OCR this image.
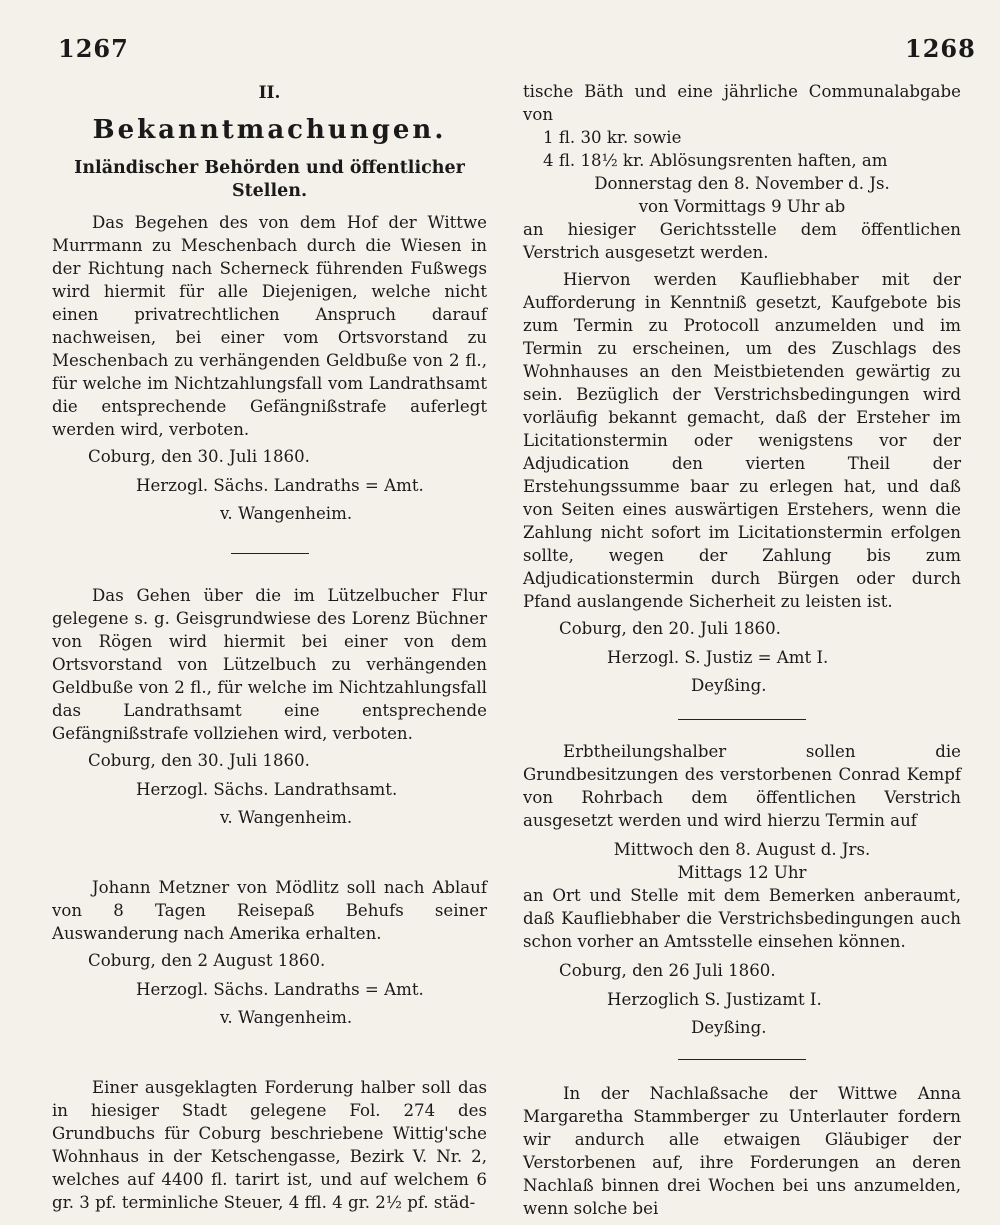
1267	1268
II.
Bekanntmachungen.
Inländischer Behörden und öffentlicher Stellen.

Das Begehen des von dem Hof der Wittwe Murrmann zu Meschenbach durch die Wiesen in der Richtung nach Scherneck führenden Fußwegs wird hiermit für alle Diejenigen, welche nicht einen privatrechtlichen Anspruch darauf nachweisen, bei einer vom Ortsvorstand zu Meschenbach zu verhängenden Geldbuße von 2 fl., für welche im Nichtzahlungsfall vom Landrathsamt die entsprechende Gefängnißstrafe auferlegt werden wird, verboten.

Coburg, den 30. Juli 1860.

Herzogl. Sächs. Landraths = Amt.

v. Wangenheim.

Das Gehen über die im Lützelbucher Flur gelegene s. g. Geisgrundwiese des Lorenz Büchner von Rögen wird hiermit bei einer von dem Ortsvorstand von Lützelbuch zu verhängenden Geldbuße von 2 fl., für welche im Nichtzahlungsfall das Landrathsamt eine entsprechende Gefängnißstrafe vollziehen wird, verboten.

Coburg, den 30. Juli 1860.

Herzogl. Sächs. Landrathsamt.

v. Wangenheim.

Johann Metzner von Mödlitz soll nach Ablauf von 8 Tagen Reisepaß Behufs seiner Auswanderung nach Amerika erhalten.

Coburg, den 2 August 1860.

Herzogl. Sächs. Landraths = Amt.

v. Wangenheim.

Einer ausgeklagten Forderung halber soll das in hiesiger Stadt gelegene Fol. 274 des Grundbuchs für Coburg beschriebene Wittig'sche Wohnhaus in der Ketschengasse, Bezirk V. Nr. 2, welches auf 4400 fl. tarirt ist, und auf welchem 6 gr. 3 pf. terminliche Steuer, 4 ffl. 4 gr. 2½ pf. städ-

tische Bäth und eine jährliche Communalabgabe von

1 fl. 30 kr. sowie

4 fl. 18½ kr. Ablösungsrenten haften, am

Donnerstag den 8. November d. Js.

von Vormittags 9 Uhr ab

an hiesiger Gerichtsstelle dem öffentlichen Verstrich ausgesetzt werden.

Hiervon werden Kaufliebhaber mit der Aufforderung in Kenntniß gesetzt, Kaufgebote bis zum Termin zu Protocoll anzumelden und im Termin zu erscheinen, um des Zuschlags des Wohnhauses an den Meistbietenden gewärtig zu sein. Bezüglich der Verstrichsbedingungen wird vorläufig bekannt gemacht, daß der Ersteher im Licitationstermin oder wenigstens vor der Adjudication den vierten Theil der Erstehungssumme baar zu erlegen hat, und daß von Seiten eines auswärtigen Erstehers, wenn die Zahlung nicht sofort im Licitationstermin erfolgen sollte, wegen der Zahlung bis zum Adjudicationstermin durch Bürgen oder durch Pfand auslangende Sicherheit zu leisten ist.

Coburg, den 20. Juli 1860.

Herzogl. S. Justiz = Amt I.

Deyßing.

Erbtheilungshalber sollen die Grundbesitzungen des verstorbenen Conrad Kempf von Rohrbach dem öffentlichen Verstrich ausgesetzt werden und wird hierzu Termin auf

Mittwoch den 8. August d. Jrs.

Mittags 12 Uhr

an Ort und Stelle mit dem Bemerken anberaumt, daß Kaufliebhaber die Verstrichsbedingungen auch schon vorher an Amtsstelle einsehen können.

Coburg, den 26 Juli 1860.

Herzoglich S. Justizamt I.

Deyßing.

In der Nachlaßsache der Wittwe Anna Margaretha Stammberger zu Unterlauter fordern wir andurch alle etwaigen Gläubiger der Verstorbenen auf, ihre Forderungen an deren Nachlaß binnen drei Wochen bei uns anzumelden, wenn solche bei
